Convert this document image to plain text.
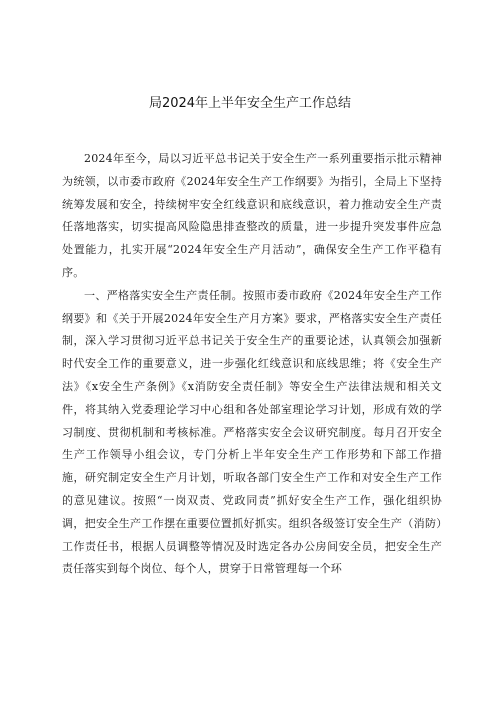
局2024年上半年安全生产工作总结

2024年至今，局以习近平总书记关于安全生产一系列重要指示批示精神为统领，以市委市政府《2024年安全生产工作纲要》为指引，全局上下坚持统筹发展和安全，持续树牢安全红线意识和底线意识，着力推动安全生产责任落地落实，切实提高风险隐患排查整改的质量，进一步提升突发事件应急处置能力，扎实开展“2024年安全生产月活动”，确保安全生产工作平稳有序。

一、严格落实安全生产责任制。按照市委市政府《2024年安全生产工作纲要》和《关于开展2024年安全生产月方案》要求，严格落实安全生产责任制，深入学习贯彻习近平总书记关于安全生产的重要论述，认真领会加强新时代安全工作的重要意义，进一步强化红线意识和底线思维；将《安全生产法》《x安全生产条例》《x消防安全责任制》等安全生产法律法规和相关文件，将其纳入党委理论学习中心组和各处部室理论学习计划，形成有效的学习制度、贯彻机制和考核标准。严格落实安全会议研究制度。每月召开安全生产工作领导小组会议，专门分析上半年安全生产工作形势和下部工作措施，研究制定安全生产月计划，听取各部门安全生产工作和对安全生产工作的意见建议。按照“一岗双责、党政同责”抓好安全生产工作，强化组织协调，把安全生产工作摆在重要位置抓好抓实。组织各级签订安全生产（消防）工作责任书，根据人员调整等情况及时选定各办公房间安全员，把安全生产责任落实到每个岗位、每个人，贯穿于日常管理每一个环
